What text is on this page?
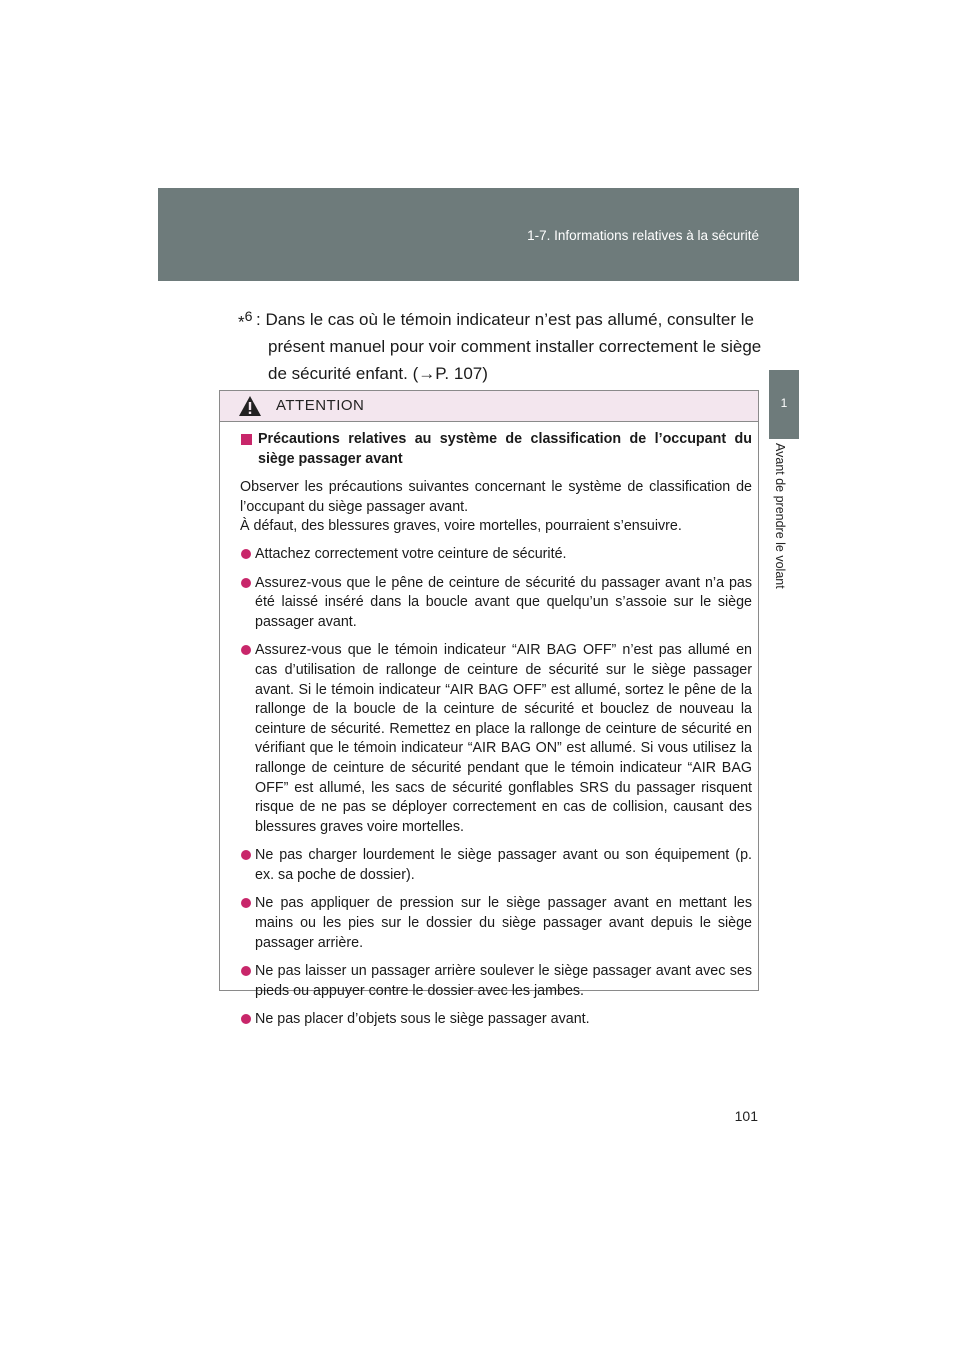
1-7. Informations relatives à la sécurité
1
Avant de prendre le volant
*$^6$ : Dans le cas où le témoin indicateur n’est pas allumé, consulter le
présent manuel pour voir comment installer correctement le siège
de sécurité enfant. (→P. 107)
ATTENTION
Précautions relatives au système de classification de l’occupant du siège passager avant

Observer les précautions suivantes concernant le système de classification de l’occupant du siège passager avant.

À défaut, des blessures graves, voire mortelles, pourraient s’ensuivre.

Attachez correctement votre ceinture de sécurité.
Assurez-vous que le pêne de ceinture de sécurité du passager avant n’a pas été laissé inséré dans la boucle avant que quelqu’un s’assoie sur le siège passager avant.
Assurez-vous que le témoin indicateur “AIR BAG OFF” n’est pas allumé en cas d’utilisation de rallonge de ceinture de sécurité sur le siège passager avant. Si le témoin indicateur “AIR BAG OFF” est allumé, sortez le pêne de la rallonge de la boucle de la ceinture de sécurité et bouclez de nouveau la ceinture de sécurité. Remettez en place la rallonge de ceinture de sécurité en vérifiant que le témoin indicateur “AIR BAG ON” est allumé. Si vous utilisez la rallonge de ceinture de sécurité pendant que le témoin indicateur “AIR BAG OFF” est allumé, les sacs de sécurité gonflables SRS du passager risquent risque de ne pas se déployer correctement en cas de collision, causant des blessures graves voire mortelles.
Ne pas charger lourdement le siège passager avant ou son équipement (p. ex. sa poche de dossier).
Ne pas appliquer de pression sur le siège passager avant en mettant les mains ou les pies sur le dossier du siège passager avant depuis le siège passager arrière.
Ne pas laisser un passager arrière soulever le siège passager avant avec ses pieds ou appuyer contre le dossier avec les jambes.
Ne pas placer d’objets sous le siège passager avant.
101
